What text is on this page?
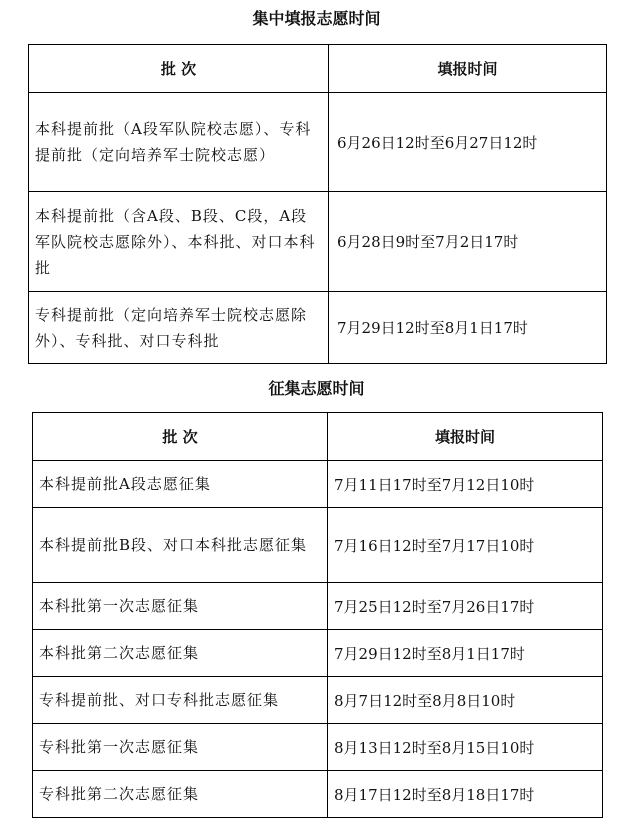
集中填报志愿时间
批 次	填报时间
本科提前批（A段军队院校志愿）、专科提前批（定向培养军士院校志愿）	6月26日12时至6月27日12时
本科提前批（含A段、B段、C段，A段军队院校志愿除外）、本科批、对口本科批	6月28日9时至7月2日17时
专科提前批（定向培养军士院校志愿除外）、专科批、对口专科批	7月29日12时至8月1日17时
征集志愿时间
批 次	填报时间
本科提前批A段志愿征集	7月11日17时至7月12日10时
本科提前批B段、对口本科批志愿征集	7月16日12时至7月17日10时
本科批第一次志愿征集	7月25日12时至7月26日17时
本科批第二次志愿征集	7月29日12时至8月1日17时
专科提前批、对口专科批志愿征集	8月7日12时至8月8日10时
专科批第一次志愿征集	8月13日12时至8月15日10时
专科批第二次志愿征集	8月17日12时至8月18日17时
